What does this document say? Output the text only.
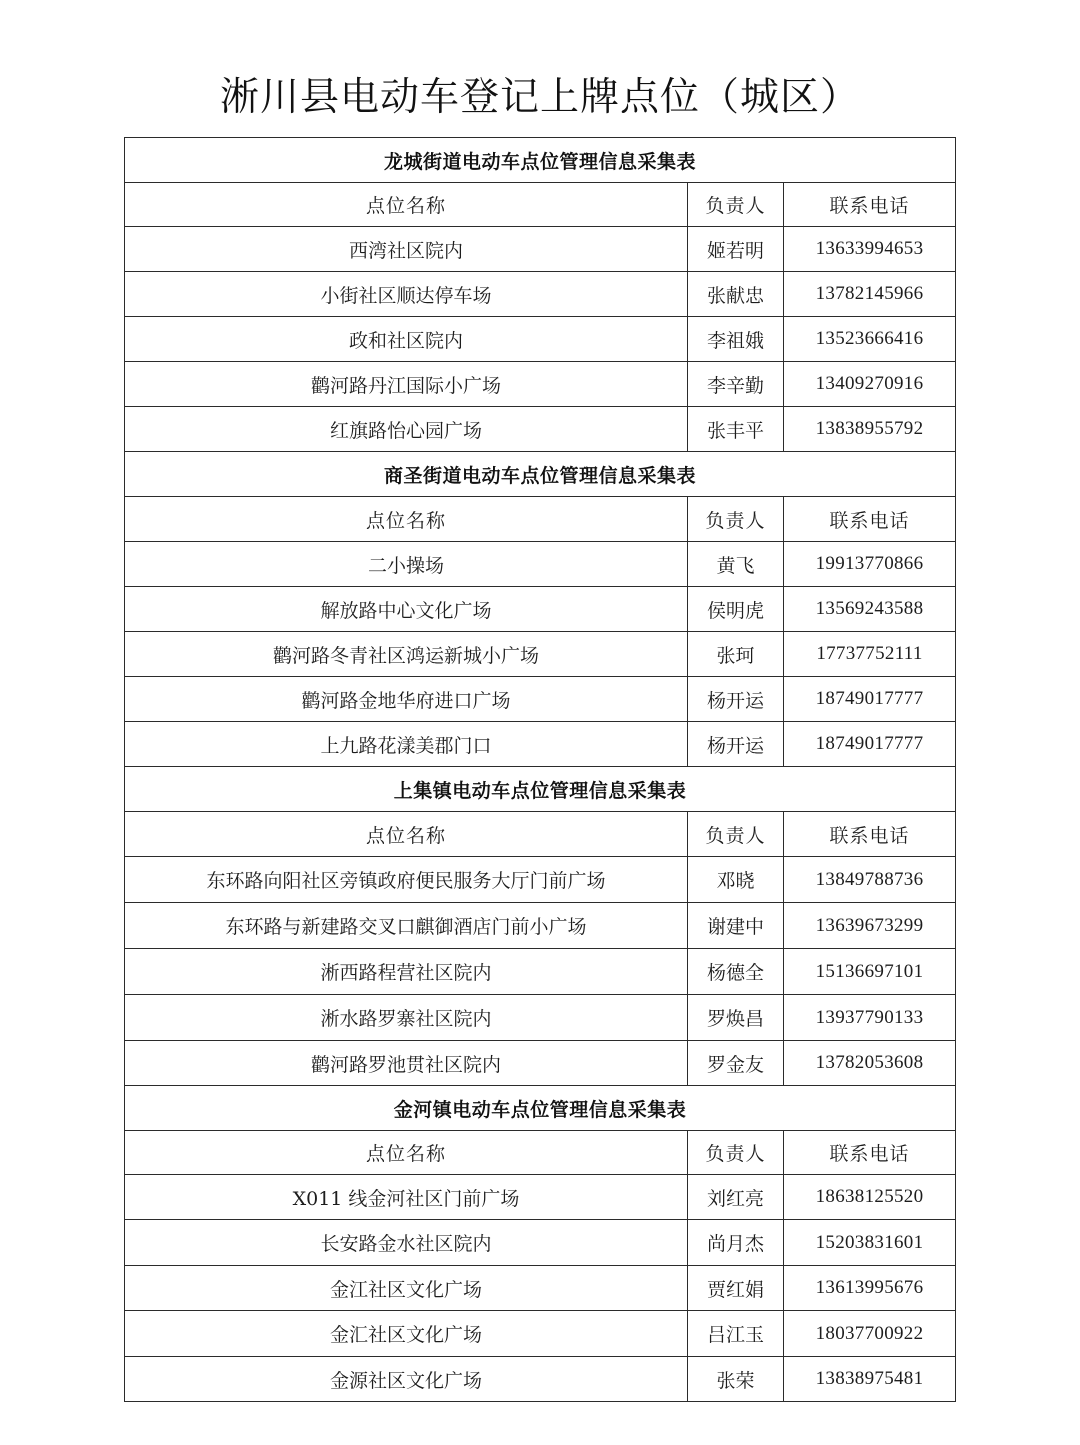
淅川县电动车登记上牌点位（城区）
龙城街道电动车点位管理信息采集表		
点位名称	负责人	联系电话
西湾社区院内	姬若明	13633994653
小街社区顺达停车场	张献忠	13782145966
政和社区院内	李祖娥	13523666416
鹳河路丹江国际小广场	李辛勤	13409270916
红旗路怡心园广场	张丰平	13838955792
商圣街道电动车点位管理信息采集表		
点位名称	负责人	联系电话
二小操场	黄飞	19913770866
解放路中心文化广场	侯明虎	13569243588
鹳河路冬青社区鸿运新城小广场	张珂	17737752111
鹳河路金地华府进口广场	杨开运	18749017777
上九路花漾美郡门口	杨开运	18749017777
上集镇电动车点位管理信息采集表		
点位名称	负责人	联系电话
东环路向阳社区旁镇政府便民服务大厅门前广场	邓晓	13849788736
东环路与新建路交叉口麒御酒店门前小广场	谢建中	13639673299
淅西路程营社区院内	杨德全	15136697101
淅水路罗寨社区院内	罗焕昌	13937790133
鹳河路罗池贯社区院内	罗金友	13782053608
金河镇电动车点位管理信息采集表		
点位名称	负责人	联系电话
X011 线金河社区门前广场	刘红亮	18638125520
长安路金水社区院内	尚月杰	15203831601
金江社区文化广场	贾红娟	13613995676
金汇社区文化广场	吕江玉	18037700922
金源社区文化广场	张荣	13838975481
